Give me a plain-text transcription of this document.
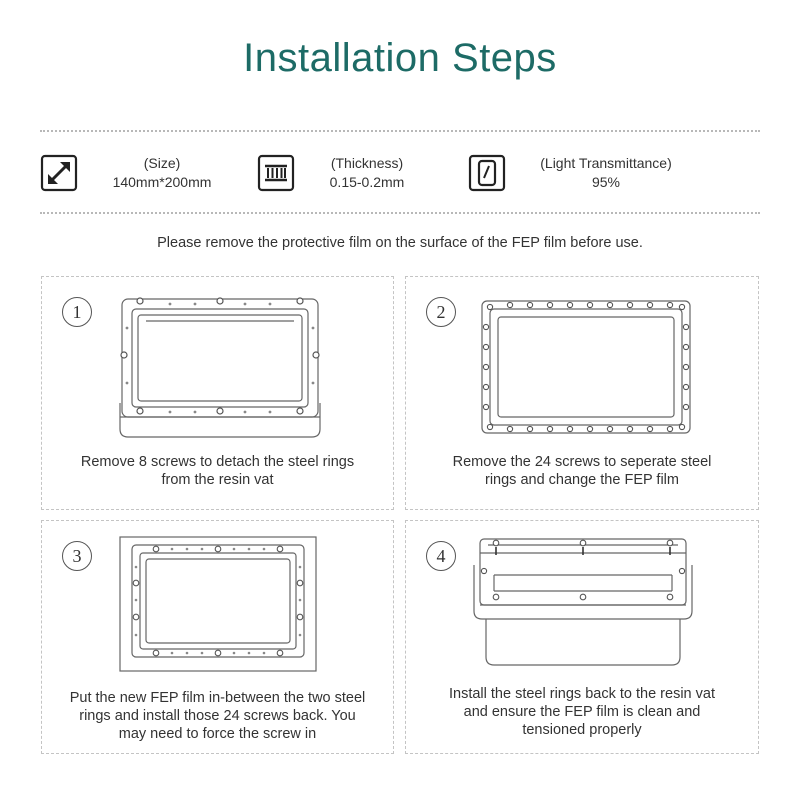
Installation Steps
(Size)
140mm*200mm
(Thickness)
0.15-0.2mm
(Light Transmittance)
95%
Please remove the protective film on the surface of the FEP film before use.
1
Remove 8 screws to detach the steel rings
from the resin vat
2
Remove the 24 screws to seperate steel
rings and change the FEP film
3
Put the new FEP film in-between the two steel
rings and install those 24 screws back. You
may need to force the screw in
4
Install the steel rings back to the resin vat
and ensure the FEP film is clean and
tensioned properly
